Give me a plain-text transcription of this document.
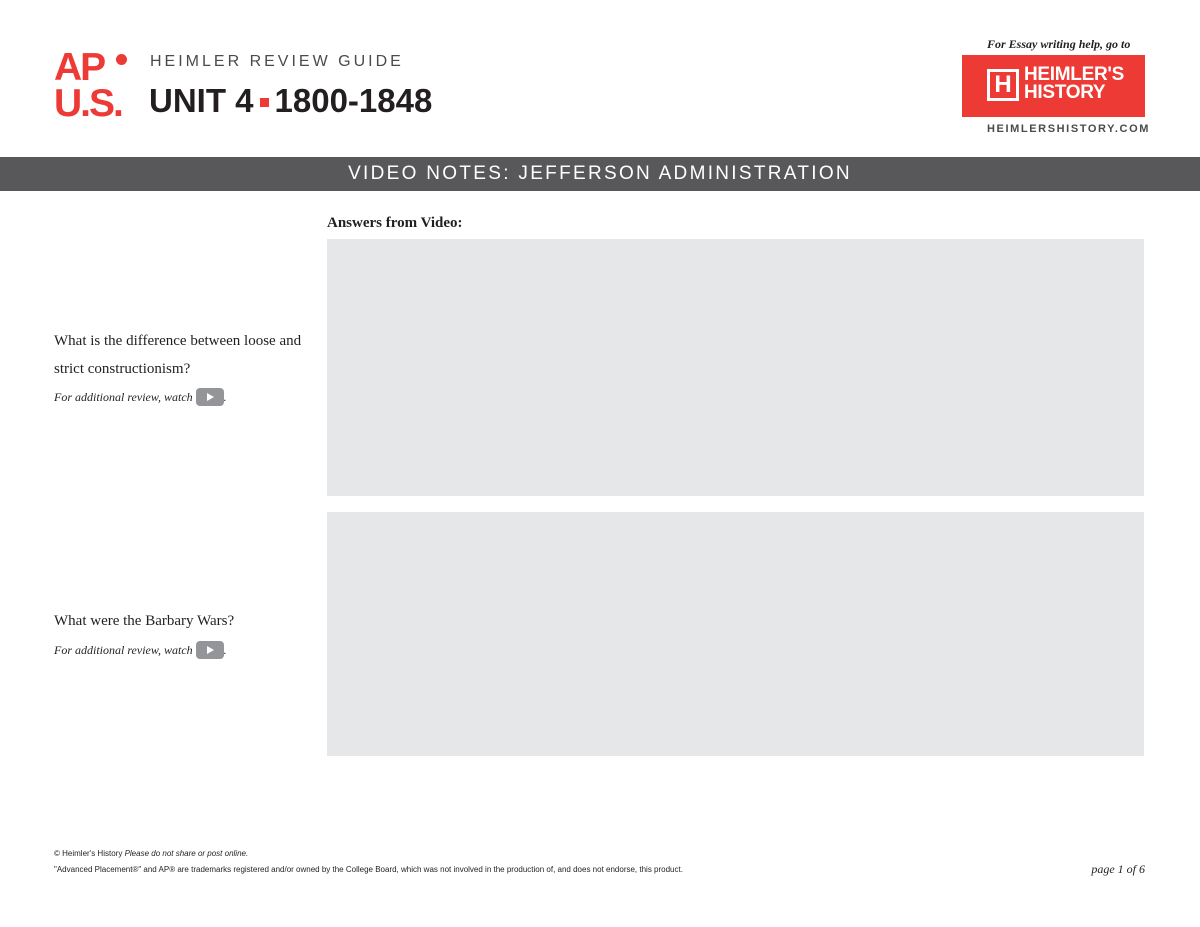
AP
U.S.
HEIMLER REVIEW GUIDE
UNIT 4 1800-1848
For Essay writing help, go to
H HEIMLER'S
HISTORY
HEIMLERSHISTORY.COM
VIDEO NOTES: JEFFERSON ADMINISTRATION
Answers from Video:
What is the difference between loose and strict constructionism?
For additional review, watch	.
What were the Barbary Wars?
For additional review, watch	.
© Heimler's History Please do not share or post online.
"Advanced Placement®" and AP® are trademarks registered and/or owned by the College Board, which was not involved in the production of, and does not endorse, this product.	page 1 of 6
